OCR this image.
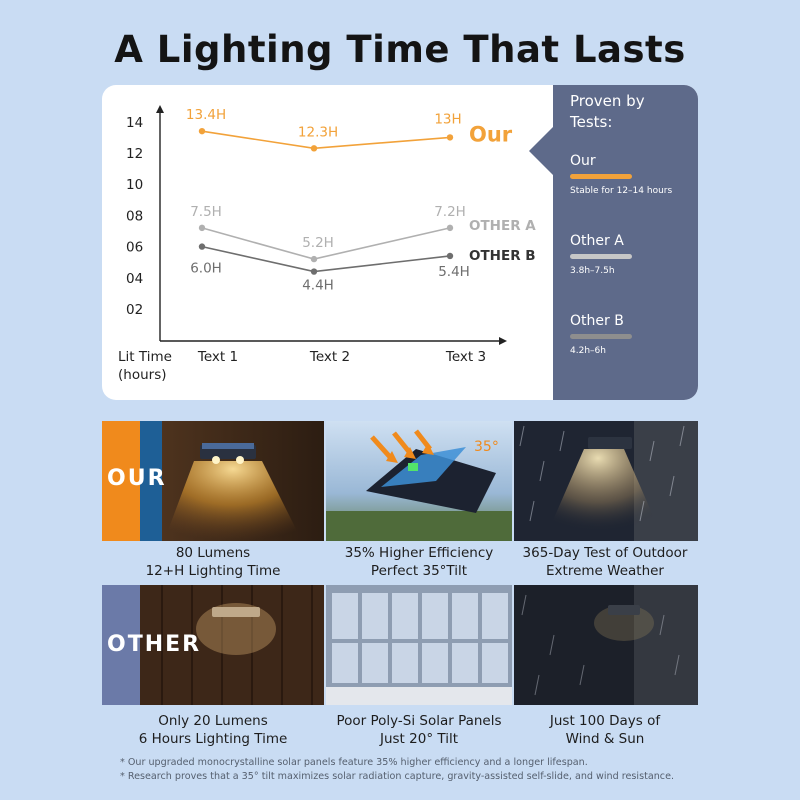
A Lighting Time That Lasts
02
04
06
08
10
12
14
Text 1	Text 2	Text 3
Lit Time
(hours)
13.4H
12.3H
13H
Our
7.5H
5.2H
7.2H
OTHER A
6.0H
4.4H
5.4H
OTHER B
Proven by Tests:
Our
Stable for 12–14 hours
Other A
3.8h–7.5h
Other B
4.2h–6h
OUR
35°
80 Lumens
12+H Lighting Time
35% Higher Efficiency
Perfect 35°Tilt
365-Day Test of Outdoor
Extreme Weather
OTHER
Only 20 Lumens
6 Hours Lighting Time
Poor Poly-Si Solar Panels
Just 20° Tilt
Just 100 Days of
Wind & Sun
* Our upgraded monocrystalline solar panels feature 35% higher efficiency and a longer lifespan.
* Research proves that a 35° tilt maximizes solar radiation capture, gravity-assisted self-slide, and wind resistance.
